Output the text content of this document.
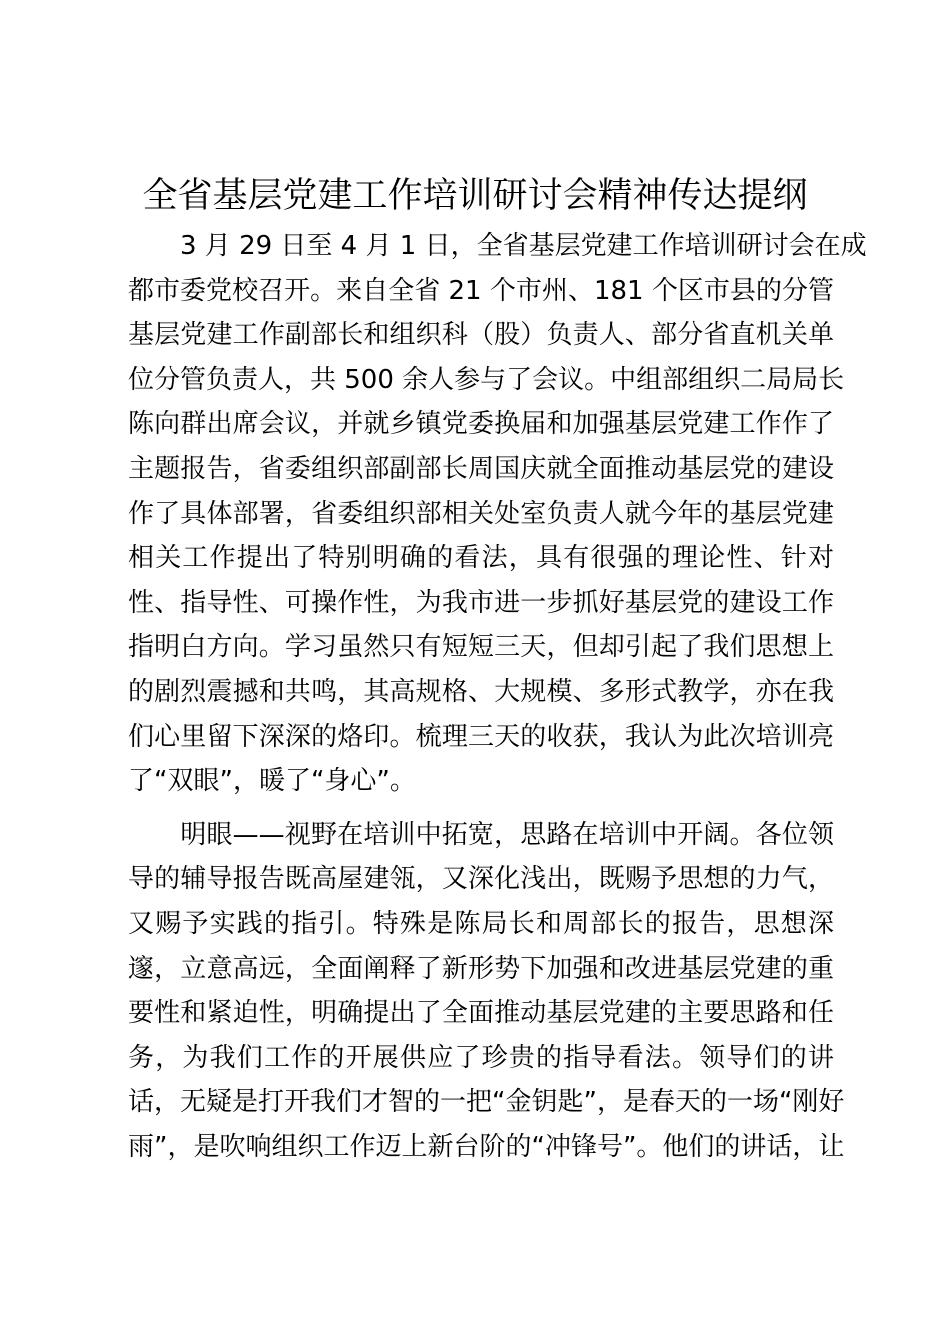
全省基层党建工作培训研讨会精神传达提纲

　　3 月 29 日至 4 月 1 日，全省基层党建工作培训研讨会在成
都市委党校召开。来自全省 21 个市州、181 个区市县的分管
基层党建工作副部长和组织科（股）负责人、部分省直机关单
位分管负责人，共 500 余人参与了会议。中组部组织二局局长
陈向群出席会议，并就乡镇党委换届和加强基层党建工作作了
主题报告，省委组织部副部长周国庆就全面推动基层党的建设
作了具体部署，省委组织部相关处室负责人就今年的基层党建
相关工作提出了特别明确的看法，具有很强的理论性、针对
性、指导性、可操作性，为我市进一步抓好基层党的建设工作
指明白方向。学习虽然只有短短三天，但却引起了我们思想上
的剧烈震撼和共鸣，其高规格、大规模、多形式教学，亦在我
们心里留下深深的烙印。梳理三天的收获，我认为此次培训亮
了“双眼”，暖了“身心”。

　　明眼——视野在培训中拓宽，思路在培训中开阔。各位领
导的辅导报告既高屋建瓴，又深化浅出，既赐予思想的力气，
又赐予实践的指引。特殊是陈局长和周部长的报告，思想深
邃，立意高远，全面阐释了新形势下加强和改进基层党建的重
要性和紧迫性，明确提出了全面推动基层党建的主要思路和任
务，为我们工作的开展供应了珍贵的指导看法。领导们的讲
话，无疑是打开我们才智的一把“金钥匙”，是春天的一场“刚好
雨”，是吹响组织工作迈上新台阶的“冲锋号”。他们的讲话，让
